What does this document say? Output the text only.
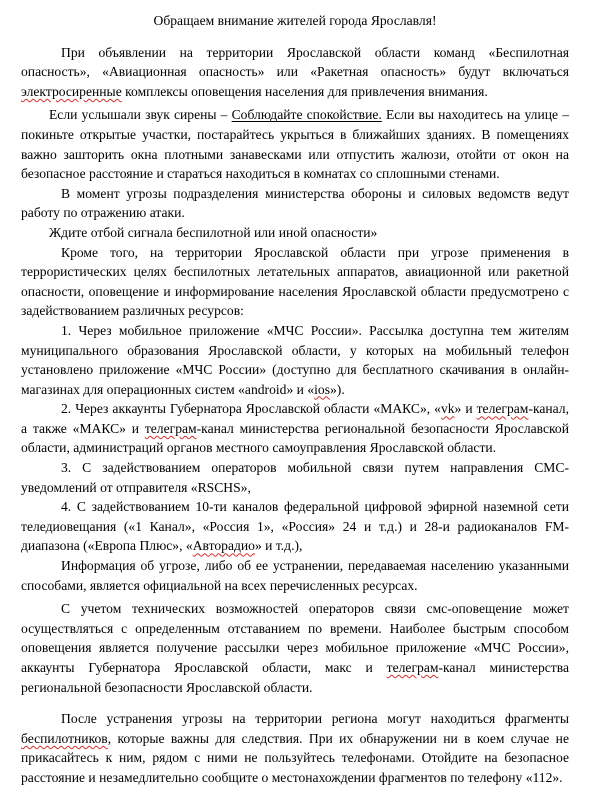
Обращаем внимание жителей города Ярославля!

При объявлении на территории Ярославской области команд «Беспилотная опасность», «Авиационная опасность» или «Ракетная опасность» будут включаться электросиренные комплексы оповещения населения для привлечения внимания.

Если услышали звук сирены – Соблюдайте спокойствие. Если вы находитесь на улице – покиньте открытые участки, постарайтесь укрыться в ближайших зданиях. В помещениях важно зашторить окна плотными занавесками или отпустить жалюзи, отойти от окон на безопасное расстояние и стараться находиться в комнатах со сплошными стенами.

В момент угрозы подразделения министерства обороны и силовых ведомств ведут работу по отражению атаки.

Ждите отбой сигнала беспилотной или иной опасности»

Кроме того, на территории Ярославской области при угрозе применения в террористических целях беспилотных летательных аппаратов, авиационной или ракетной опасности, оповещение и информирование населения Ярославской области предусмотрено с задействованием различных ресурсов:

1. Через мобильное приложение «МЧС России». Рассылка доступна тем жителям муниципального образования Ярославской области, у которых на мобильный телефон установлено приложение «МЧС России» (доступно для бесплатного скачивания в онлайн-магазинах для операционных систем «android» и «ios»).

2. Через аккаунты Губернатора Ярославской области «МАКС», «vk» и телеграм-канал, а также «МАКС» и телеграм-канал министерства региональной безопасности Ярославской области, администраций органов местного самоуправления Ярославской области.

3. С задействованием операторов мобильной связи путем направления СМС-уведомлений от отправителя «RSCHS»,

4. С задействованием 10-ти каналов федеральной цифровой эфирной наземной сети теледиовещания («1 Канал», «Россия 1», «Россия» 24 и т.д.) и 28-и радиоканалов FM-диапазона («Европа Плюс», «Авторадио» и т.д.),

Информация об угрозе, либо об ее устранении, передаваемая населению указанными способами, является официальной на всех перечисленных ресурсах.

С учетом технических возможностей операторов связи смс-оповещение может осуществляться с определенным отставанием по времени. Наиболее быстрым способом оповещения является получение рассылки через мобильное приложение «МЧС России», аккаунты Губернатора Ярославской области, макс и телеграм-канал министерства региональной безопасности Ярославской области.

После устранения угрозы на территории региона могут находиться фрагменты беспилотников, которые важны для следствия. При их обнаружении ни в коем случае не прикасайтесь к ним, рядом с ними не пользуйтесь телефонами. Отойдите на безопасное расстояние и незамедлительно сообщите о местонахождении фрагментов по телефону «112».
